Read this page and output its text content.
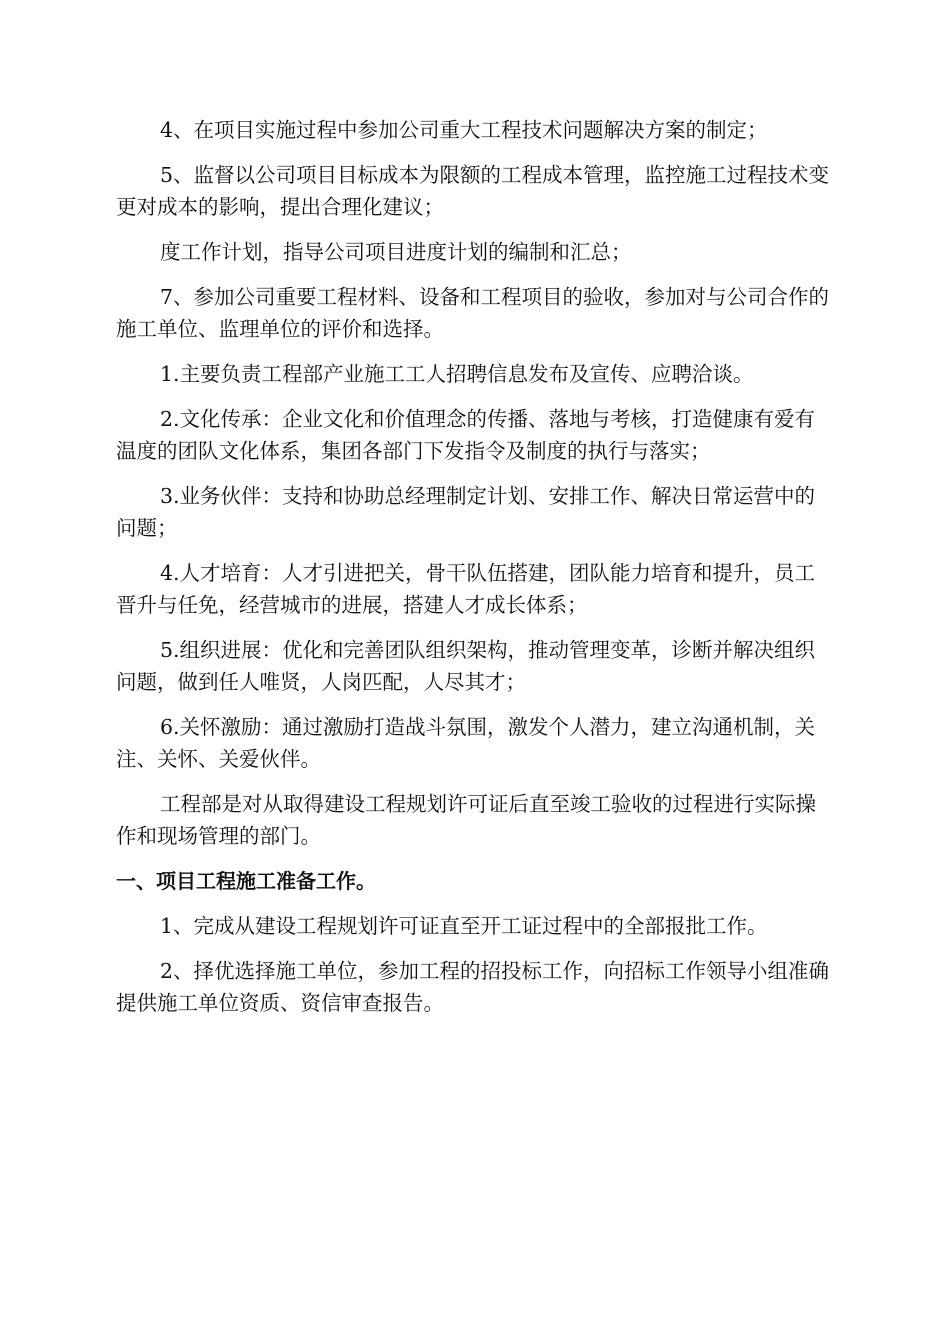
4、在项目实施过程中参加公司重大工程技术问题解决方案的制定；

5、监督以公司项目目标成本为限额的工程成本管理，监控施工过程技术变更对成本的影响，提出合理化建议；

度工作计划，指导公司项目进度计划的编制和汇总；

7、参加公司重要工程材料、设备和工程项目的验收，参加对与公司合作的施工单位、监理单位的评价和选择。

1.主要负责工程部产业施工工人招聘信息发布及宣传、应聘洽谈。

2.文化传承：企业文化和价值理念的传播、落地与考核，打造健康有爱有温度的团队文化体系，集团各部门下发指令及制度的执行与落实；

3.业务伙伴：支持和协助总经理制定计划、安排工作、解决日常运营中的问题；

4.人才培育：人才引进把关，骨干队伍搭建，团队能力培育和提升，员工晋升与任免，经营城市的进展，搭建人才成长体系；

5.组织进展：优化和完善团队组织架构，推动管理变革，诊断并解决组织问题，做到任人唯贤，人岗匹配，人尽其才；

6.关怀激励：通过激励打造战斗氛围，激发个人潜力，建立沟通机制，关注、关怀、关爱伙伴。

工程部是对从取得建设工程规划许可证后直至竣工验收的过程进行实际操作和现场管理的部门。

一、项目工程施工准备工作。

1、完成从建设工程规划许可证直至开工证过程中的全部报批工作。

2、择优选择施工单位，参加工程的招投标工作，向招标工作领导小组准确提供施工单位资质、资信审查报告。
